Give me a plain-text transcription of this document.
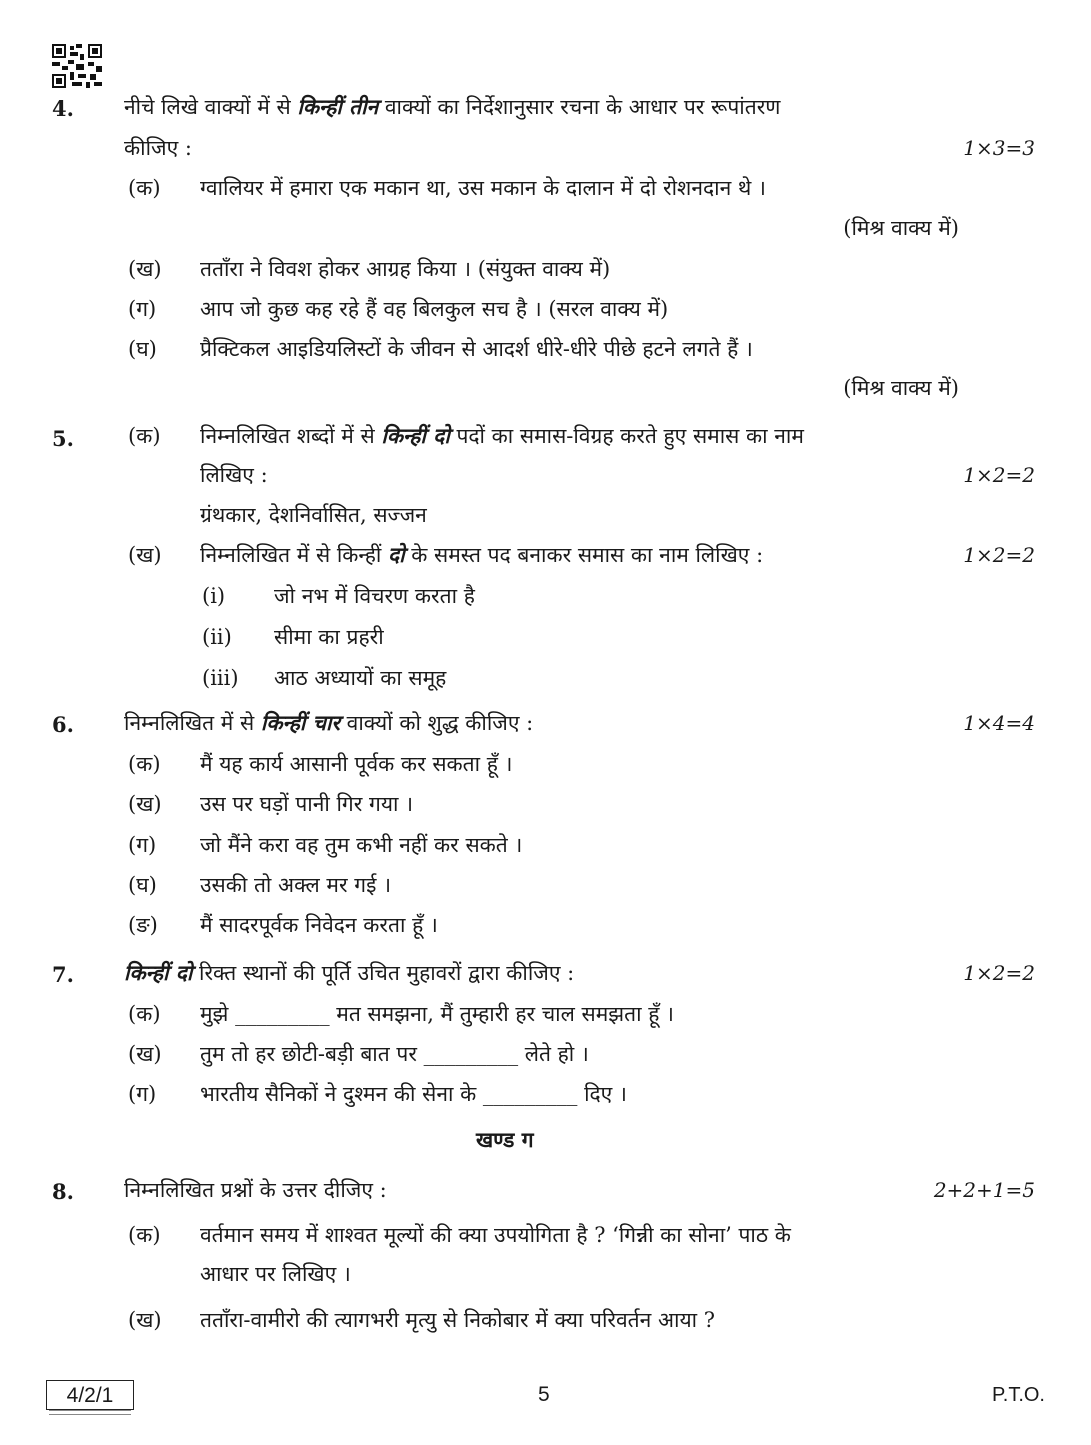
4. नीचे लिखे वाक्यों में से किन्हीं तीन वाक्यों का निर्देशानुसार रचना के आधार पर रूपांतरण
कीजिए :	1×3=3
(क) ग्वालियर में हमारा एक मकान था, उस मकान के दालान में दो रोशनदान थे ।
(मिश्र वाक्य में)
(ख) तताँरा ने विवश होकर आग्रह किया । (संयुक्त वाक्य में)
(ग) आप जो कुछ कह रहे हैं वह बिलकुल सच है । (सरल वाक्य में)
(घ) प्रैक्टिकल आइडियलिस्टों के जीवन से आदर्श धीरे-धीरे पीछे हटने लगते हैं ।
(मिश्र वाक्य में)
5.	(क) निम्नलिखित शब्दों में से किन्हीं दो पदों का समास-विग्रह करते हुए समास का नाम
लिखिए :	1×2=2
ग्रंथकार, देशनिर्वासित, सज्जन
(ख) निम्नलिखित में से किन्हीं दो के समस्त पद बनाकर समास का नाम लिखिए :	1×2=2
(i) जो नभ में विचरण करता है
(ii) सीमा का प्रहरी
(iii) आठ अध्यायों का समूह
6. निम्नलिखित में से किन्हीं चार वाक्यों को शुद्ध कीजिए :	1×4=4
(क) मैं यह कार्य आसानी पूर्वक कर सकता हूँ ।
(ख) उस पर घड़ों पानी गिर गया ।
(ग) जो मैंने करा वह तुम कभी नहीं कर सकते ।
(घ) उसकी तो अक्ल मर गई ।
(ङ) मैं सादरपूर्वक निवेदन करता हूँ ।
7. किन्हीं दो रिक्त स्थानों की पूर्ति उचित मुहावरों द्वारा कीजिए :	1×2=2
(क) मुझे _________ मत समझना, मैं तुम्हारी हर चाल समझता हूँ ।
(ख) तुम तो हर छोटी-बड़ी बात पर _________ लेते हो ।
(ग) भारतीय सैनिकों ने दुश्मन की सेना के _________ दिए ।
खण्ड ग
8. निम्नलिखित प्रश्नों के उत्तर दीजिए :	2+2+1=5
(क) वर्तमान समय में शाश्वत मूल्यों की क्या उपयोगिता है ? ‘गिन्नी का सोना’ पाठ के
आधार पर लिखिए ।
(ख) तताँरा-वामीरो की त्यागभरी मृत्यु से निकोबार में क्या परिवर्तन आया ?
4/2/1	5	P.T.O.
